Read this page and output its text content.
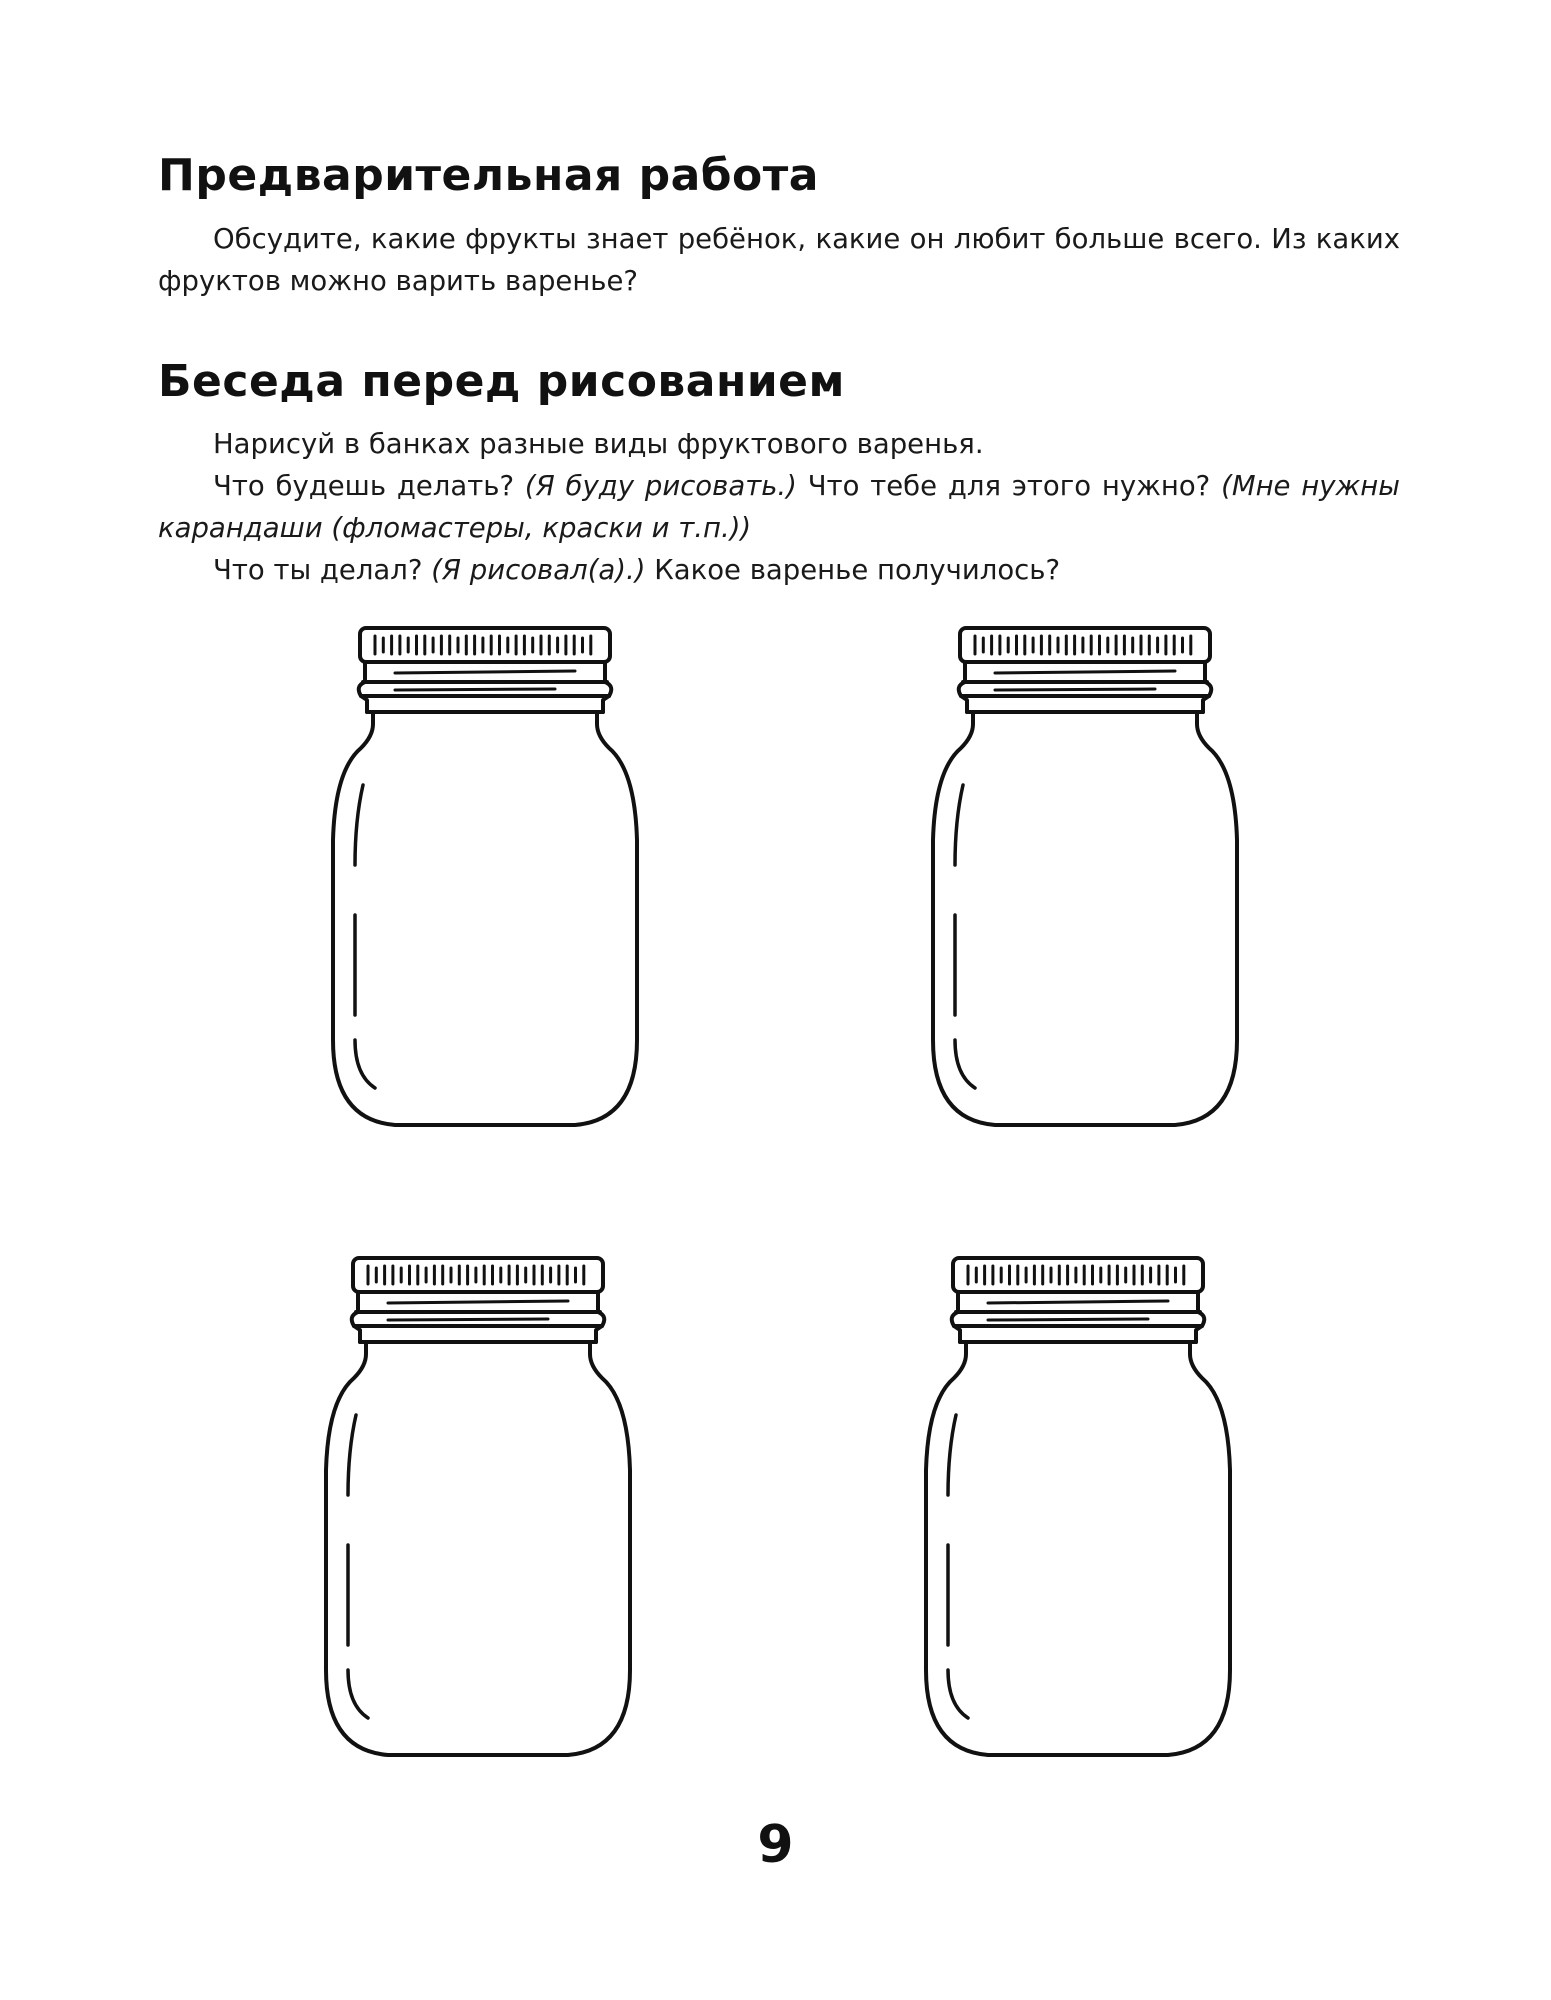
Предварительная работа

Обсудите, какие фрукты знает ребёнок, какие он любит больше всего. Из каких фруктов можно варить варенье?

Беседа перед рисованием

Нарисуй в банках разные виды фруктового варенья.

Что будешь делать? (Я буду рисовать.) Что тебе для этого нужно? (Мне нужны карандаши (фломастеры, краски и т.п.))

Что ты делал? (Я рисовал(а).) Какое варенье получилось?

9
